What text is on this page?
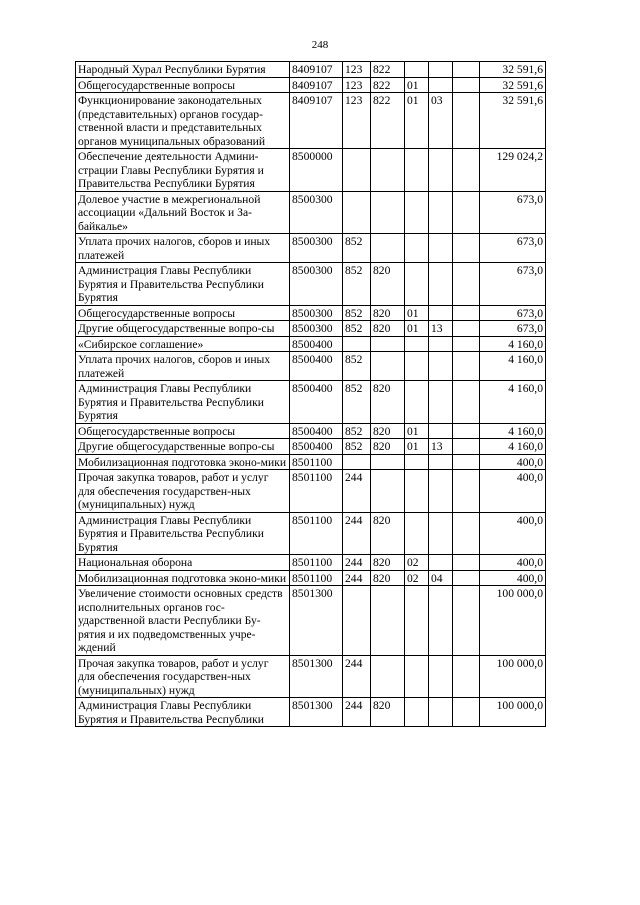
248
Народный Хурал Республики Бурятия	8409107	123	822				32 591,6
Общегосударственные вопросы	8409107	123	822	01			32 591,6
Функционирование законодательных (представительных) органов государ-ственной власти и представительных органов муниципальных образований	8409107	123	822	01	03		32 591,6
Обеспечение деятельности Админи-страции Главы Республики Бурятия и Правительства Республики Бурятия	8500000						129 024,2
Долевое участие в межрегиональной ассоциации «Дальний Восток и За-байкалье»	8500300						673,0
Уплата прочих налогов, сборов и иных платежей	8500300	852					673,0
Администрация Главы Республики Бурятия и Правительства Республики Бурятия	8500300	852	820				673,0
Общегосударственные вопросы	8500300	852	820	01			673,0
Другие общегосударственные вопро-сы	8500300	852	820	01	13		673,0
«Сибирское соглашение»	8500400						4 160,0
Уплата прочих налогов, сборов и иных платежей	8500400	852					4 160,0
Администрация Главы Республики Бурятия и Правительства Республики Бурятия	8500400	852	820				4 160,0
Общегосударственные вопросы	8500400	852	820	01			4 160,0
Другие общегосударственные вопро-сы	8500400	852	820	01	13		4 160,0
Мобилизационная подготовка эконо-мики	8501100						400,0
Прочая закупка товаров, работ и услуг для обеспечения государствен-ных (муниципальных) нужд	8501100	244					400,0
Администрация Главы Республики Бурятия и Правительства Республики Бурятия	8501100	244	820				400,0
Национальная оборона	8501100	244	820	02			400,0
Мобилизационная подготовка эконо-мики	8501100	244	820	02	04		400,0
Увеличение стоимости основных средств исполнительных органов гос-ударственной власти Республики Бу-рятия и их подведомственных учре-ждений	8501300						100 000,0
Прочая закупка товаров, работ и услуг для обеспечения государствен-ных (муниципальных) нужд	8501300	244					100 000,0
Администрация Главы Республики Бурятия и Правительства Республики	8501300	244	820				100 000,0
